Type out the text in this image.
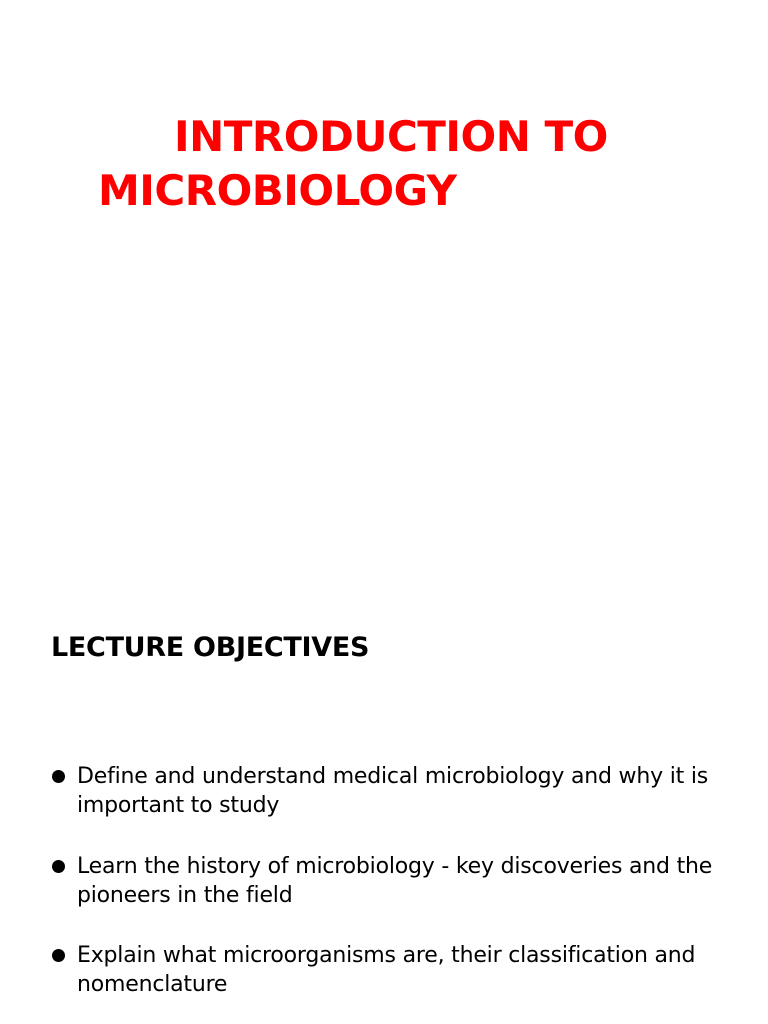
INTRODUCTION TO
MICROBIOLOGY
LECTURE OBJECTIVES
Define and understand medical microbiology and why it is important to study
Learn the history of microbiology - key discoveries and the pioneers in the field
Explain what microorganisms are, their classification and nomenclature
